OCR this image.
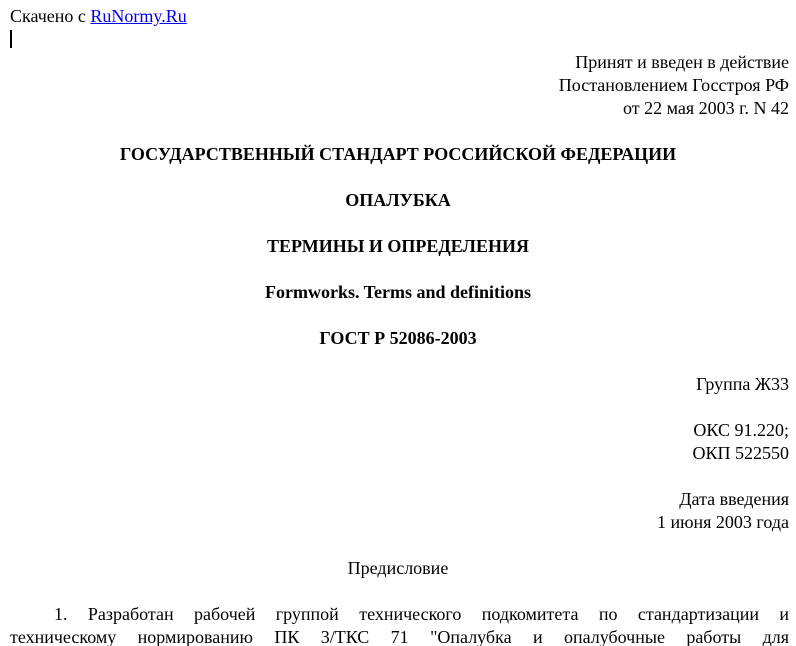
Скачено с RuNormy.Ru
Принят и введен в действие
Постановлением Госстроя РФ
от 22 мая 2003 г. N 42
ГОСУДАРСТВЕННЫЙ СТАНДАРТ РОССИЙСКОЙ ФЕДЕРАЦИИ
ОПАЛУБКА
ТЕРМИНЫ И ОПРЕДЕЛЕНИЯ
Formworks. Terms and definitions
ГОСТ Р 52086-2003
Группа Ж33
ОКС 91.220;
ОКП 522550
Дата введения
1 июня 2003 года
Предисловие
1. Разработан рабочей группой технического подкомитета по стандартизации и
техническому нормированию ПК 3/ТКС 71 "Опалубка и опалубочные работы для
